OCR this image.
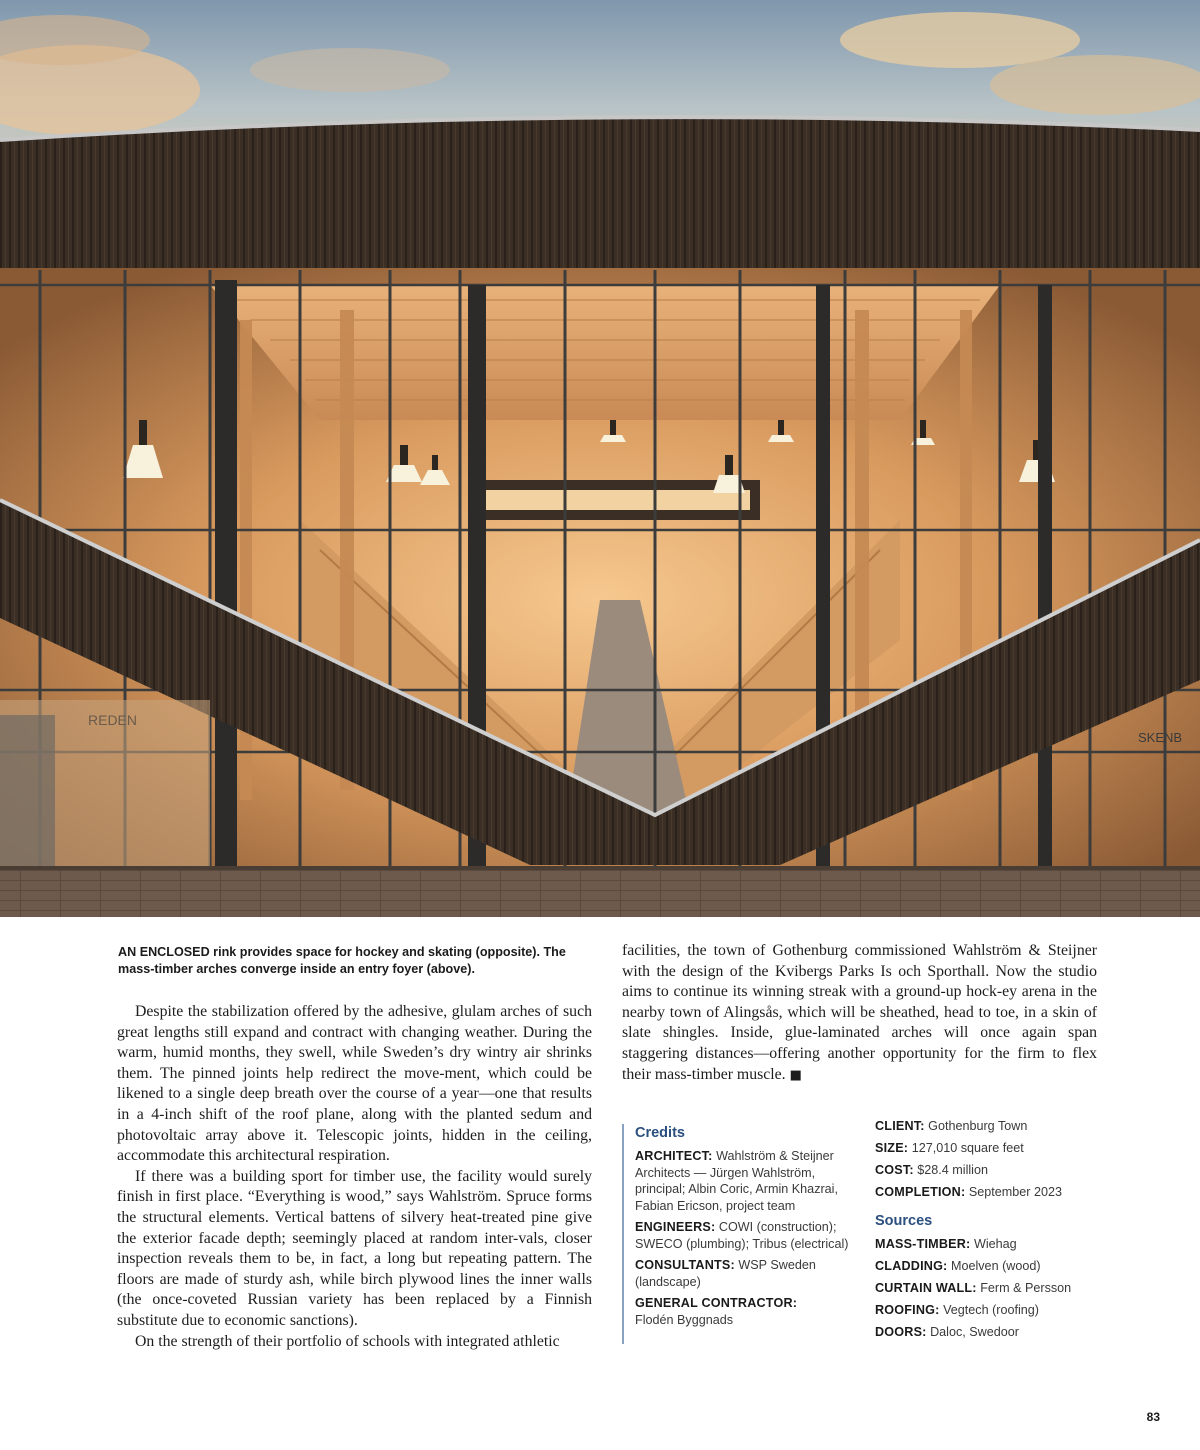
REDEN
SKENB
AN ENCLOSED rink provides space for hockey and skating (opposite). The mass-timber arches converge inside an entry foyer (above).

Despite the stabilization offered by the adhesive, glulam arches of such great lengths still expand and contract with changing weather. During the warm, humid months, they swell, while Sweden’s dry wintry air shrinks them. The pinned joints help redirect the move-ment, which could be likened to a single deep breath over the course of a year—one that results in a 4-inch shift of the roof plane, along with the planted sedum and photovoltaic array above it. Telescopic joints, hidden in the ceiling, accommodate this architectural respiration.

If there was a building sport for timber use, the facility would surely finish in first place. “Everything is wood,” says Wahlström. Spruce forms the structural elements. Vertical battens of silvery heat-treated pine give the exterior facade depth; seemingly placed at random inter-vals, closer inspection reveals them to be, in fact, a long but repeating pattern. The floors are made of sturdy ash, while birch plywood lines the inner walls (the once-coveted Russian variety has been replaced by a Finnish substitute due to economic sanctions).

On the strength of their portfolio of schools with integrated athletic

facilities, the town of Gothenburg commissioned Wahlström & Steijner with the design of the Kvibergs Parks Is och Sporthall. Now the studio aims to continue its winning streak with a ground-up hock-ey arena in the nearby town of Alingsås, which will be sheathed, head to toe, in a skin of slate shingles. Inside, glue-laminated arches will once again span staggering distances—offering another opportunity for the firm to flex their mass-timber muscle. ■

Credits
ARCHITECT: Wahlström & Steijner Architects — Jürgen Wahlström, principal; Albin Coric, Armin Khazrai, Fabian Ericson, project team
ENGINEERS: COWI (construction); SWECO (plumbing); Tribus (electrical)
CONSULTANTS: WSP Sweden (landscape)
GENERAL CONTRACTOR:
Flodén Byggnads
CLIENT: Gothenburg Town
SIZE: 127,010 square feet
COST: $28.4 million
COMPLETION: September 2023
Sources
MASS-TIMBER: Wiehag
CLADDING: Moelven (wood)
CURTAIN WALL: Ferm & Persson
ROOFING: Vegtech (roofing)
DOORS: Daloc, Swedoor
83
